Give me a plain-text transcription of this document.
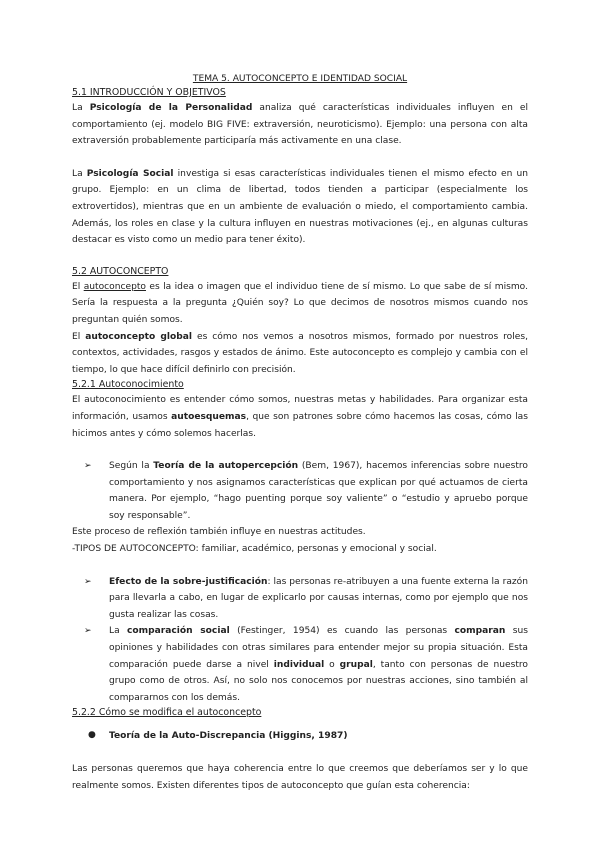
TEMA 5. AUTOCONCEPTO E IDENTIDAD SOCIAL

5.1 INTRODUCCIÓN Y OBJETIVOS

La Psicología de la Personalidad analiza qué características individuales influyen en el comportamiento (ej. modelo BIG FIVE: extraversión, neuroticismo). Ejemplo: una persona con alta extraversión probablemente participaría más activamente en una clase.

La Psicología Social investiga si esas características individuales tienen el mismo efecto en un grupo. Ejemplo: en un clima de libertad, todos tienden a participar (especialmente los extrovertidos), mientras que en un ambiente de evaluación o miedo, el comportamiento cambia. Además, los roles en clase y la cultura influyen en nuestras motivaciones (ej., en algunas culturas destacar es visto como un medio para tener éxito).

5.2 AUTOCONCEPTO

El autoconcepto es la idea o imagen que el individuo tiene de sí mismo. Lo que sabe de sí mismo. Sería la respuesta a la pregunta ¿Quién soy? Lo que decimos de nosotros mismos cuando nos preguntan quién somos.

El autoconcepto global es cómo nos vemos a nosotros mismos, formado por nuestros roles, contextos, actividades, rasgos y estados de ánimo. Este autoconcepto es complejo y cambia con el tiempo, lo que hace difícil definirlo con precisión.

5.2.1 Autoconocimiento

El autoconocimiento es entender cómo somos, nuestras metas y habilidades. Para organizar esta información, usamos autoesquemas, que son patrones sobre cómo hacemos las cosas, cómo las hicimos antes y cómo solemos hacerlas.

➢ Según la Teoría de la autopercepción (Bem, 1967), hacemos inferencias sobre nuestro comportamiento y nos asignamos características que explican por qué actuamos de cierta manera. Por ejemplo, “hago puenting porque soy valiente” o “estudio y apruebo porque soy responsable”.

Este proceso de reflexión también influye en nuestras actitudes.

-TIPOS DE AUTOCONCEPTO: familiar, académico, personas y emocional y social.

➢ Efecto de la sobre-justificación: las personas re-atribuyen a una fuente externa la razón para llevarla a cabo, en lugar de explicarlo por causas internas, como por ejemplo que nos gusta realizar las cosas.

➢ La comparación social (Festinger, 1954) es cuando las personas comparan sus opiniones y habilidades con otras similares para entender mejor su propia situación. Esta comparación puede darse a nivel individual o grupal, tanto con personas de nuestro grupo como de otros. Así, no solo nos conocemos por nuestras acciones, sino también al compararnos con los demás.

5.2.2 Cómo se modifica el autoconcepto

● Teoría de la Auto-Discrepancia (Higgins, 1987)

Las personas queremos que haya coherencia entre lo que creemos que deberíamos ser y lo que realmente somos. Existen diferentes tipos de autoconcepto que guían esta coherencia:
